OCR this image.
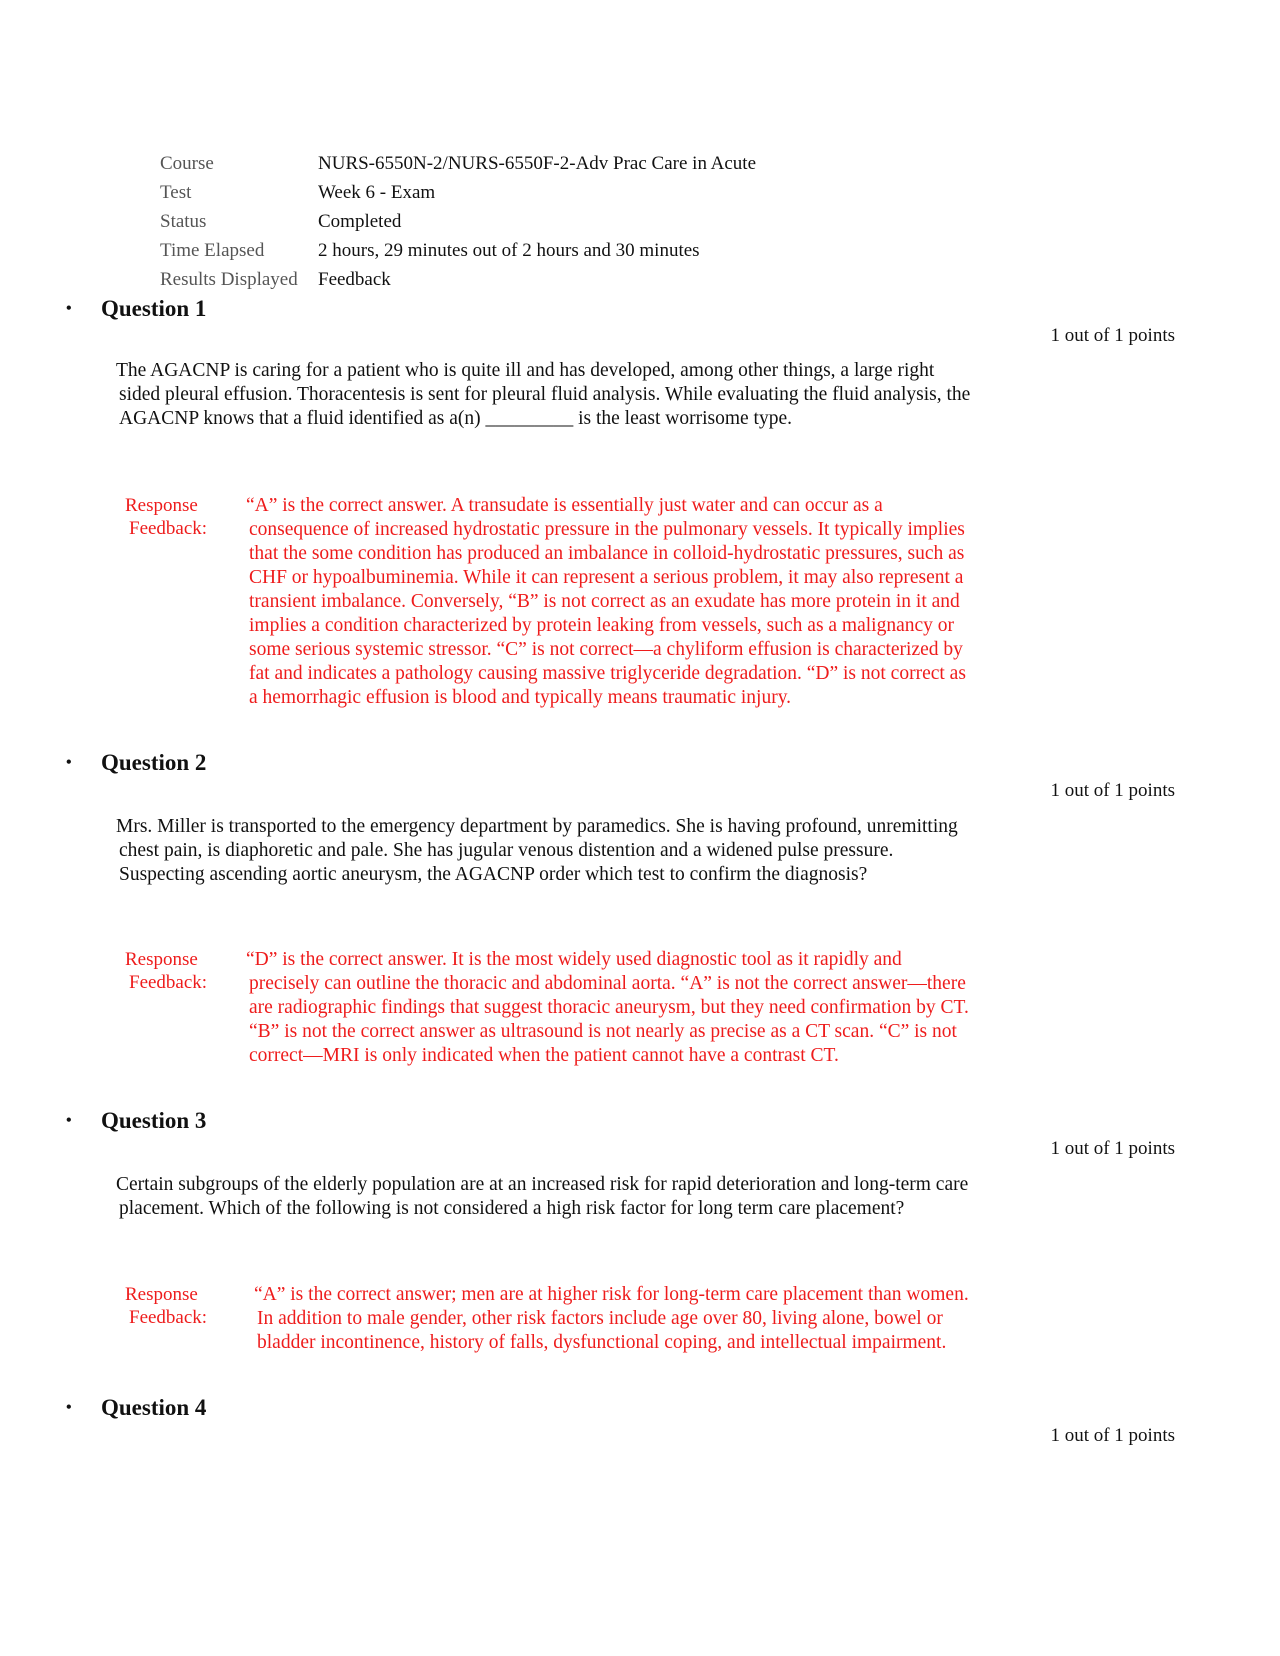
Course	NURS-6550N-2/NURS-6550F-2-Adv Prac Care in Acute
Test	Week 6 - Exam
Status	Completed
Time Elapsed	2 hours, 29 minutes out of 2 hours and 30 minutes
Results Displayed	Feedback
• Question 1
1 out of 1 points

The AGACNP is caring for a patient who is quite ill and has developed, among other things, a large right
sided pleural effusion. Thoracentesis is sent for pleural fluid analysis. While evaluating the fluid analysis, the
AGACNP knows that a fluid identified as a(n) _________ is the least worrisome type.

Response
Feedback:

“A” is the correct answer. A transudate is essentially just water and can occur as a
consequence of increased hydrostatic pressure in the pulmonary vessels. It typically implies
that the some condition has produced an imbalance in colloid-hydrostatic pressures, such as
CHF or hypoalbuminemia. While it can represent a serious problem, it may also represent a
transient imbalance. Conversely, “B” is not correct as an exudate has more protein in it and
implies a condition characterized by protein leaking from vessels, such as a malignancy or
some serious systemic stressor. “C” is not correct—a chyliform effusion is characterized by
fat and indicates a pathology causing massive triglyceride degradation. “D” is not correct as
a hemorrhagic effusion is blood and typically means traumatic injury.

• Question 2
1 out of 1 points

Mrs. Miller is transported to the emergency department by paramedics. She is having profound, unremitting
chest pain, is diaphoretic and pale. She has jugular venous distention and a widened pulse pressure.
Suspecting ascending aortic aneurysm, the AGACNP order which test to confirm the diagnosis?

Response
Feedback:

“D” is the correct answer. It is the most widely used diagnostic tool as it rapidly and
precisely can outline the thoracic and abdominal aorta. “A” is not the correct answer—there
are radiographic findings that suggest thoracic aneurysm, but they need confirmation by CT.
“B” is not the correct answer as ultrasound is not nearly as precise as a CT scan. “C” is not
correct—MRI is only indicated when the patient cannot have a contrast CT.

• Question 3
1 out of 1 points

Certain subgroups of the elderly population are at an increased risk for rapid deterioration and long-term care
placement. Which of the following is not considered a high risk factor for long term care placement?

Response
Feedback:

“A” is the correct answer; men are at higher risk for long-term care placement than women.
In addition to male gender, other risk factors include age over 80, living alone, bowel or
bladder incontinence, history of falls, dysfunctional coping, and intellectual impairment.

• Question 4
1 out of 1 points
